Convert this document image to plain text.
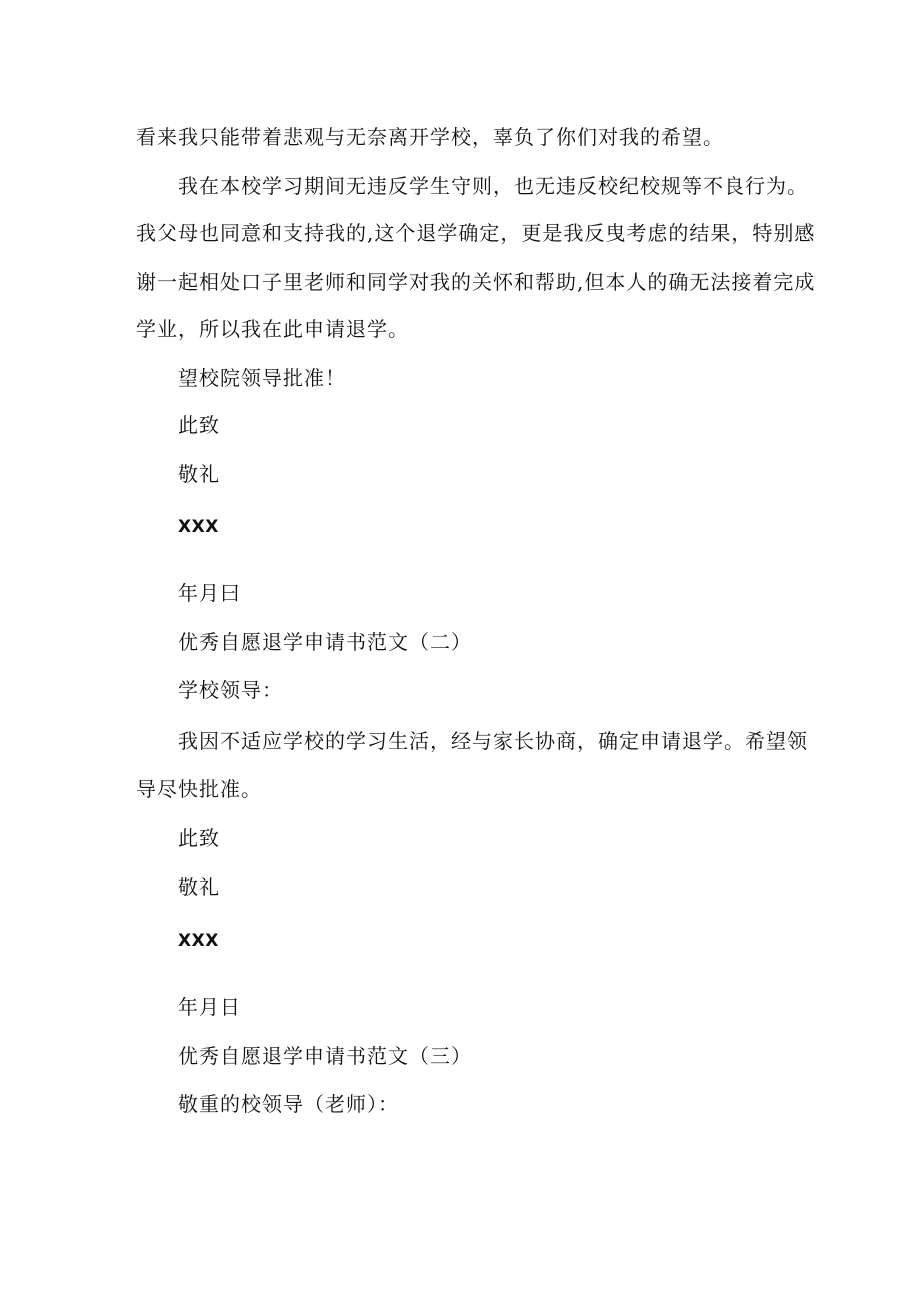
看来我只能带着悲观与无奈离开学校，辜负了你们对我的希望。
我在本校学习期间无违反学生守则，也无违反校纪校规等不良行为。
我父母也同意和支持我的,这个退学确定，更是我反曳考虑的结果，特别感
谢一起相处口子里老师和同学对我的关怀和帮助,但本人的确无法接着完成
学业，所以我在此申请退学。
望校院领导批准！
此致
敬礼
XXX
年月曰
优秀自愿退学申请书范文（二）
学校领导：
我因不适应学校的学习生活，经与家长协商，确定申请退学。希望领
导尽快批准。
此致
敬礼
XXX
年月日
优秀自愿退学申请书范文（三）
敬重的校领导（老师）：
